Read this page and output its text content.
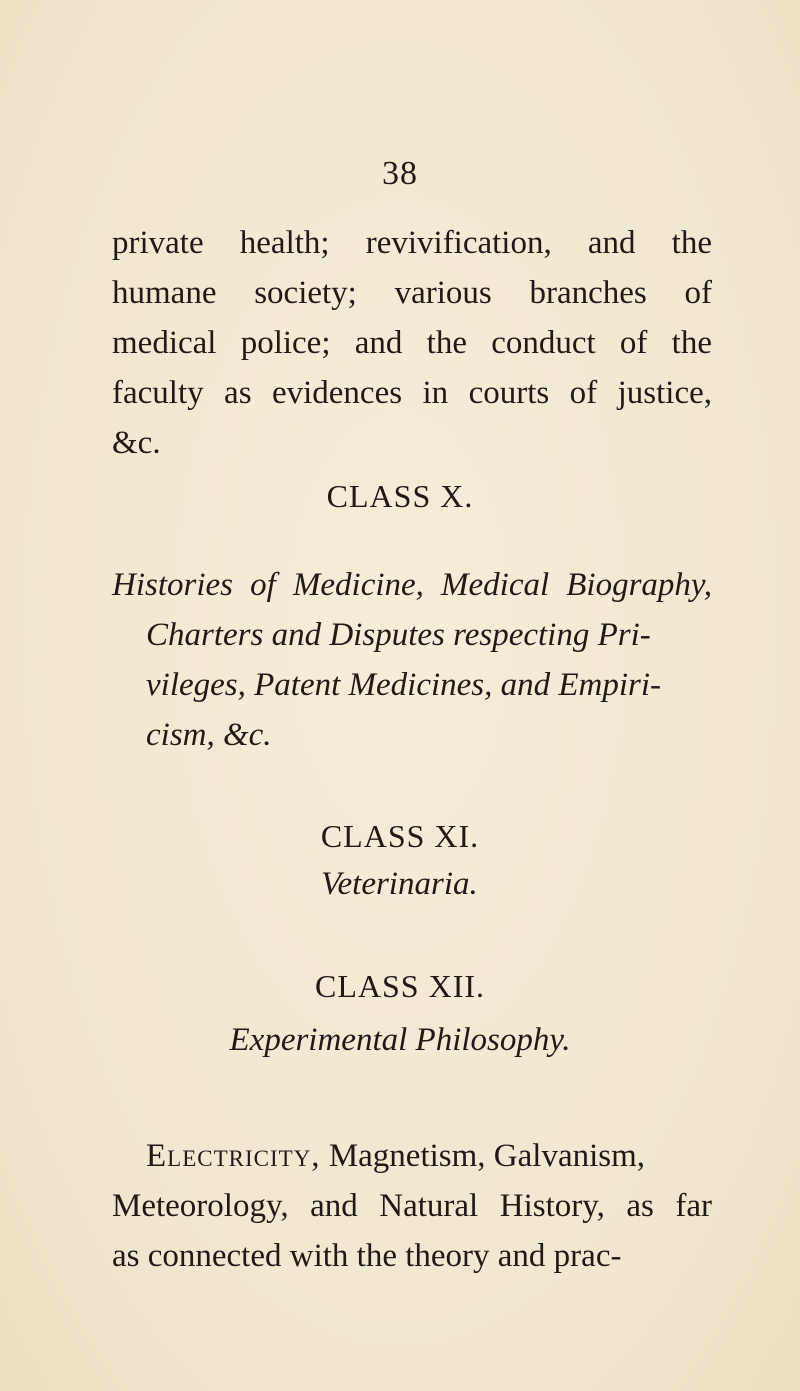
38
private health; revivification, and the
humane society; various branches of
medical police; and the conduct of the
faculty as evidences in courts of justice,
&c.
CLASS X.
Histories of Medicine, Medical Biography,
Charters and Disputes respecting Pri-
vileges, Patent Medicines, and Empiri-
cism, &c.
CLASS XI.
Veterinaria.
CLASS XII.
Experimental Philosophy.
Electricity, Magnetism, Galvanism,
Meteorology, and Natural History, as far
as connected with the theory and prac-
